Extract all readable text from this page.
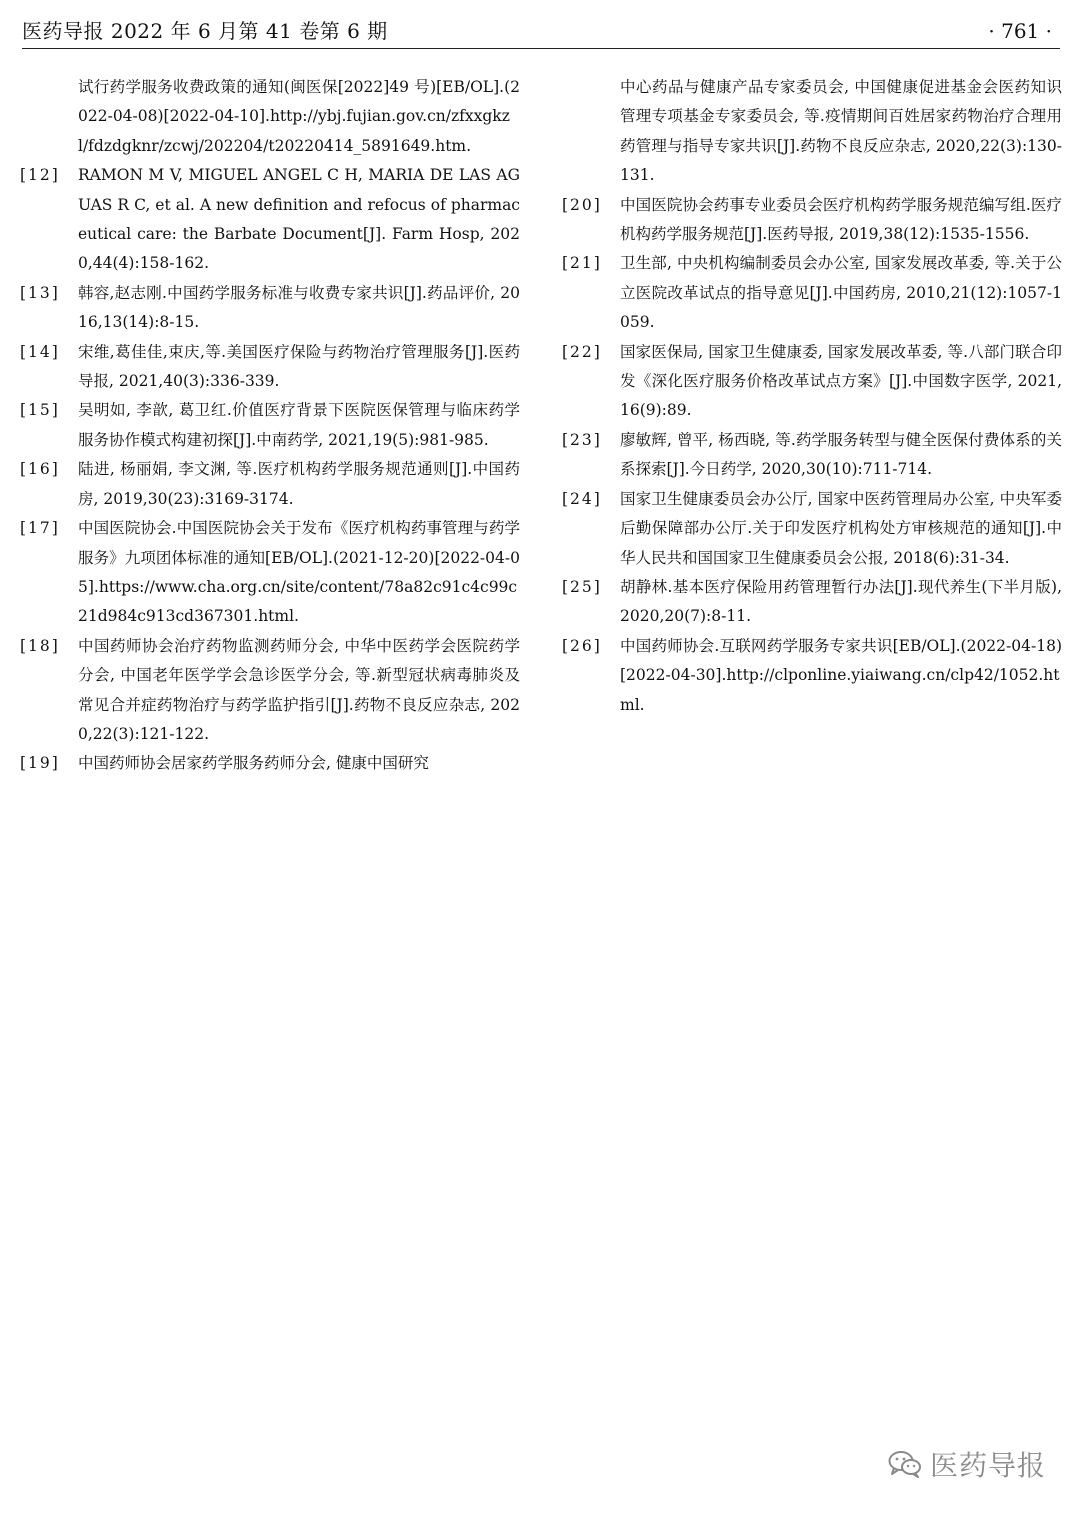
医药导报 2022 年 6 月第 41 卷第 6 期	· 761 ·
试行药学服务收费政策的通知(闽医保[2022]49 号)[EB/OL].(2022-04-08)[2022-04-10].http://ybj.fujian.gov.cn/zfxxgkzl/fdzdgknr/zcwj/202204/t20220414_5891649.htm.
[12]	RAMON M V, MIGUEL ANGEL C H, MARIA DE LAS AGUAS R C, et al. A new definition and refocus of pharmaceutical care: the Barbate Document[J]. Farm Hosp, 2020,44(4):158-162.
[13]	韩容,赵志刚.中国药学服务标准与收费专家共识[J].药品评价, 2016,13(14):8-15.
[14]	宋维,葛佳佳,束庆,等.美国医疗保险与药物治疗管理服务[J].医药导报, 2021,40(3):336-339.
[15]	吴明如, 李歆, 葛卫红.价值医疗背景下医院医保管理与临床药学服务协作模式构建初探[J].中南药学, 2021,19(5):981-985.
[16]	陆进, 杨丽娟, 李文渊, 等.医疗机构药学服务规范通则[J].中国药房, 2019,30(23):3169-3174.
[17]	中国医院协会.中国医院协会关于发布《医疗机构药事管理与药学服务》九项团体标准的通知[EB/OL].(2021-12-20)[2022-04-05].https://www.cha.org.cn/site/content/78a82c91c4c99c21d984c913cd367301.html.
[18]	中国药师协会治疗药物监测药师分会, 中华中医药学会医院药学分会, 中国老年医学学会急诊医学分会, 等.新型冠状病毒肺炎及常见合并症药物治疗与药学监护指引[J].药物不良反应杂志, 2020,22(3):121-122.
[19]	中国药师协会居家药学服务药师分会, 健康中国研究
中心药品与健康产品专家委员会, 中国健康促进基金会医药知识管理专项基金专家委员会, 等.疫情期间百姓居家药物治疗合理用药管理与指导专家共识[J].药物不良反应杂志, 2020,22(3):130-131.
[20]	中国医院协会药事专业委员会医疗机构药学服务规范编写组.医疗机构药学服务规范[J].医药导报, 2019,38(12):1535-1556.
[21]	卫生部, 中央机构编制委员会办公室, 国家发展改革委, 等.关于公立医院改革试点的指导意见[J].中国药房, 2010,21(12):1057-1059.
[22]	国家医保局, 国家卫生健康委, 国家发展改革委, 等.八部门联合印发《深化医疗服务价格改革试点方案》[J].中国数字医学, 2021,16(9):89.
[23]	廖敏辉, 曾平, 杨西晓, 等.药学服务转型与健全医保付费体系的关系探索[J].今日药学, 2020,30(10):711-714.
[24]	国家卫生健康委员会办公厅, 国家中医药管理局办公室, 中央军委后勤保障部办公厅.关于印发医疗机构处方审核规范的通知[J].中华人民共和国国家卫生健康委员会公报, 2018(6):31-34.
[25]	胡静林.基本医疗保险用药管理暂行办法[J].现代养生(下半月版), 2020,20(7):8-11.
[26]	中国药师协会.互联网药学服务专家共识[EB/OL].(2022-04-18)[2022-04-30].http://clponline.yiaiwang.cn/clp42/1052.html.
医药导报
